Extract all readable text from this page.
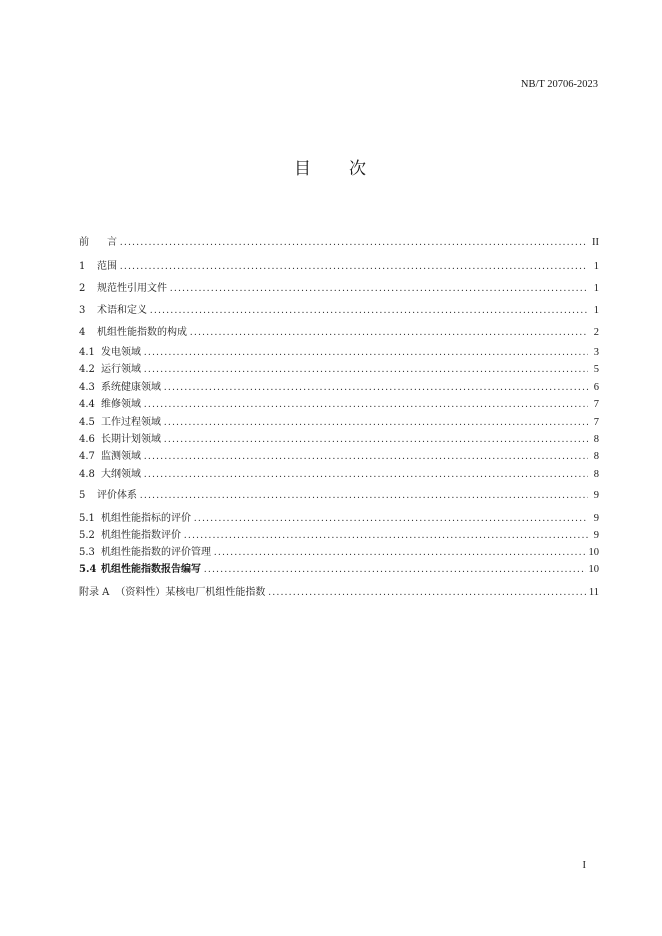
NB/T 20706-2023
目 次
前 言 .....	II
1 范围 .....	1
2 规范性引用文件 .....	1
3 术语和定义 .....	1
4 机组性能指数的构成 .....	2
4.1 发电领域 .....	3
4.2 运行领域 .....	5
4.3 系统健康领域 .....	6
4.4 维修领域 .....	7
4.5 工作过程领域 .....	7
4.6 长期计划领域 .....	8
4.7 监测领域 .....	8
4.8 大纲领域 .....	8
5 评价体系 .....	9
5.1 机组性能指标的评价 .....	9
5.2 机组性能指数评价 .....	9
5.3 机组性能指数的评价管理 .....	10
5.4 机组性能指数报告编写 .....	10
附录 A （资料性）某核电厂机组性能指数 .....	11
I
